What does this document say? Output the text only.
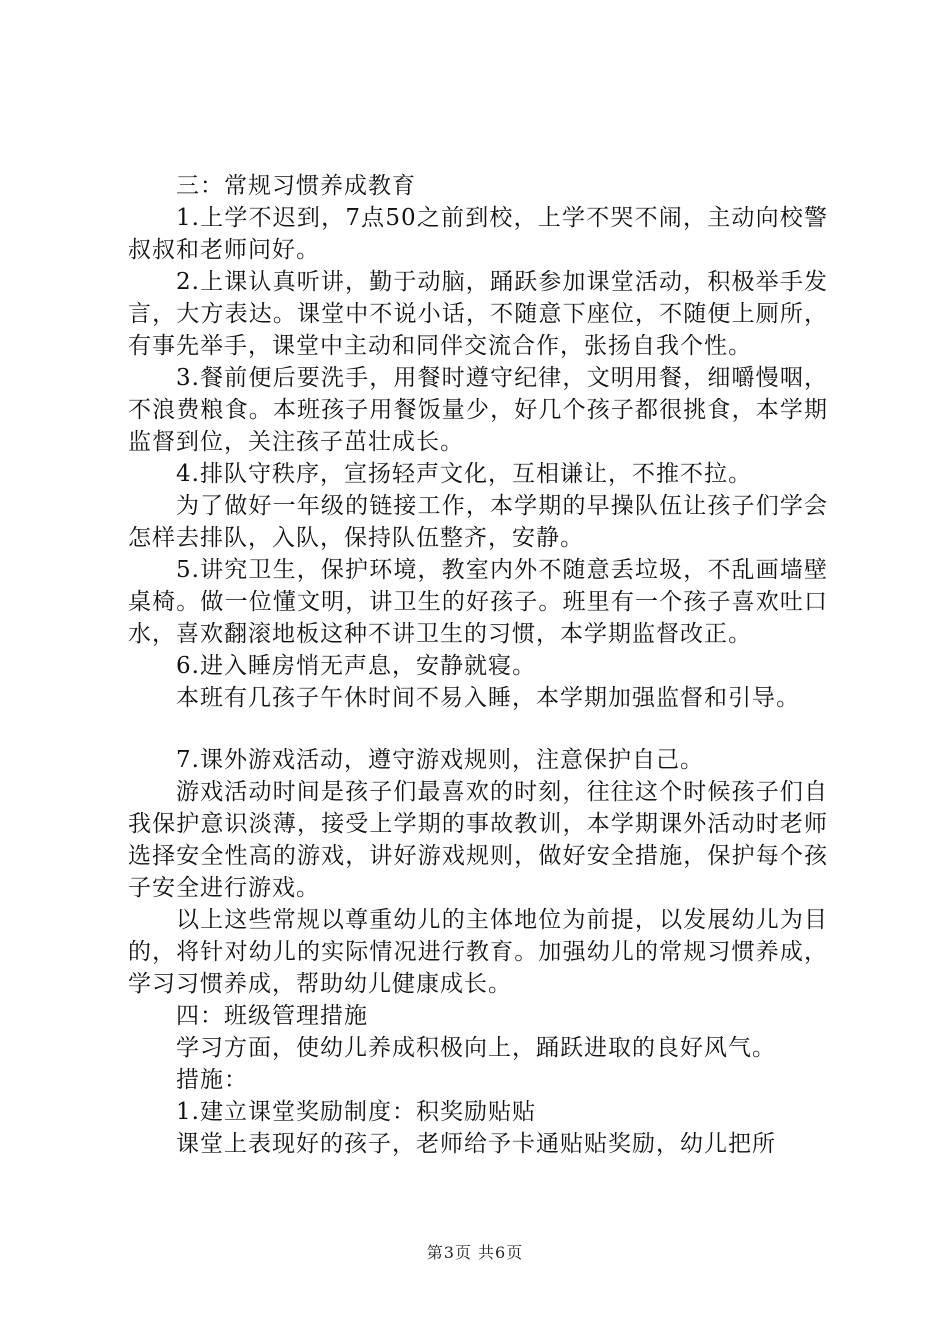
三：常规习惯养成教育

1.上学不迟到，7点50之前到校，上学不哭不闹，主动向校警叔叔和老师问好。

2.上课认真听讲，勤于动脑，踊跃参加课堂活动，积极举手发言，大方表达。课堂中不说小话，不随意下座位，不随便上厕所，有事先举手，课堂中主动和同伴交流合作，张扬自我个性。

3.餐前便后要洗手，用餐时遵守纪律，文明用餐，细嚼慢咽，不浪费粮食。本班孩子用餐饭量少，好几个孩子都很挑食，本学期监督到位，关注孩子茁壮成长。

4.排队守秩序，宣扬轻声文化，互相谦让，不推不拉。

为了做好一年级的链接工作，本学期的早操队伍让孩子们学会怎样去排队，入队，保持队伍整齐，安静。

5.讲究卫生，保护环境，教室内外不随意丢垃圾，不乱画墙壁桌椅。做一位懂文明，讲卫生的好孩子。班里有一个孩子喜欢吐口水，喜欢翻滚地板这种不讲卫生的习惯，本学期监督改正。

6.进入睡房悄无声息，安静就寝。

本班有几孩子午休时间不易入睡，本学期加强监督和引导。

7.课外游戏活动，遵守游戏规则，注意保护自己。

游戏活动时间是孩子们最喜欢的时刻，往往这个时候孩子们自我保护意识淡薄，接受上学期的事故教训，本学期课外活动时老师选择安全性高的游戏，讲好游戏规则，做好安全措施，保护每个孩子安全进行游戏。

以上这些常规以尊重幼儿的主体地位为前提，以发展幼儿为目的，将针对幼儿的实际情况进行教育。加强幼儿的常规习惯养成，学习习惯养成，帮助幼儿健康成长。

四：班级管理措施

学习方面，使幼儿养成积极向上，踊跃进取的良好风气。

措施：

1.建立课堂奖励制度：积奖励贴贴

课堂上表现好的孩子，老师给予卡通贴贴奖励，幼儿把所

第3页 共6页
